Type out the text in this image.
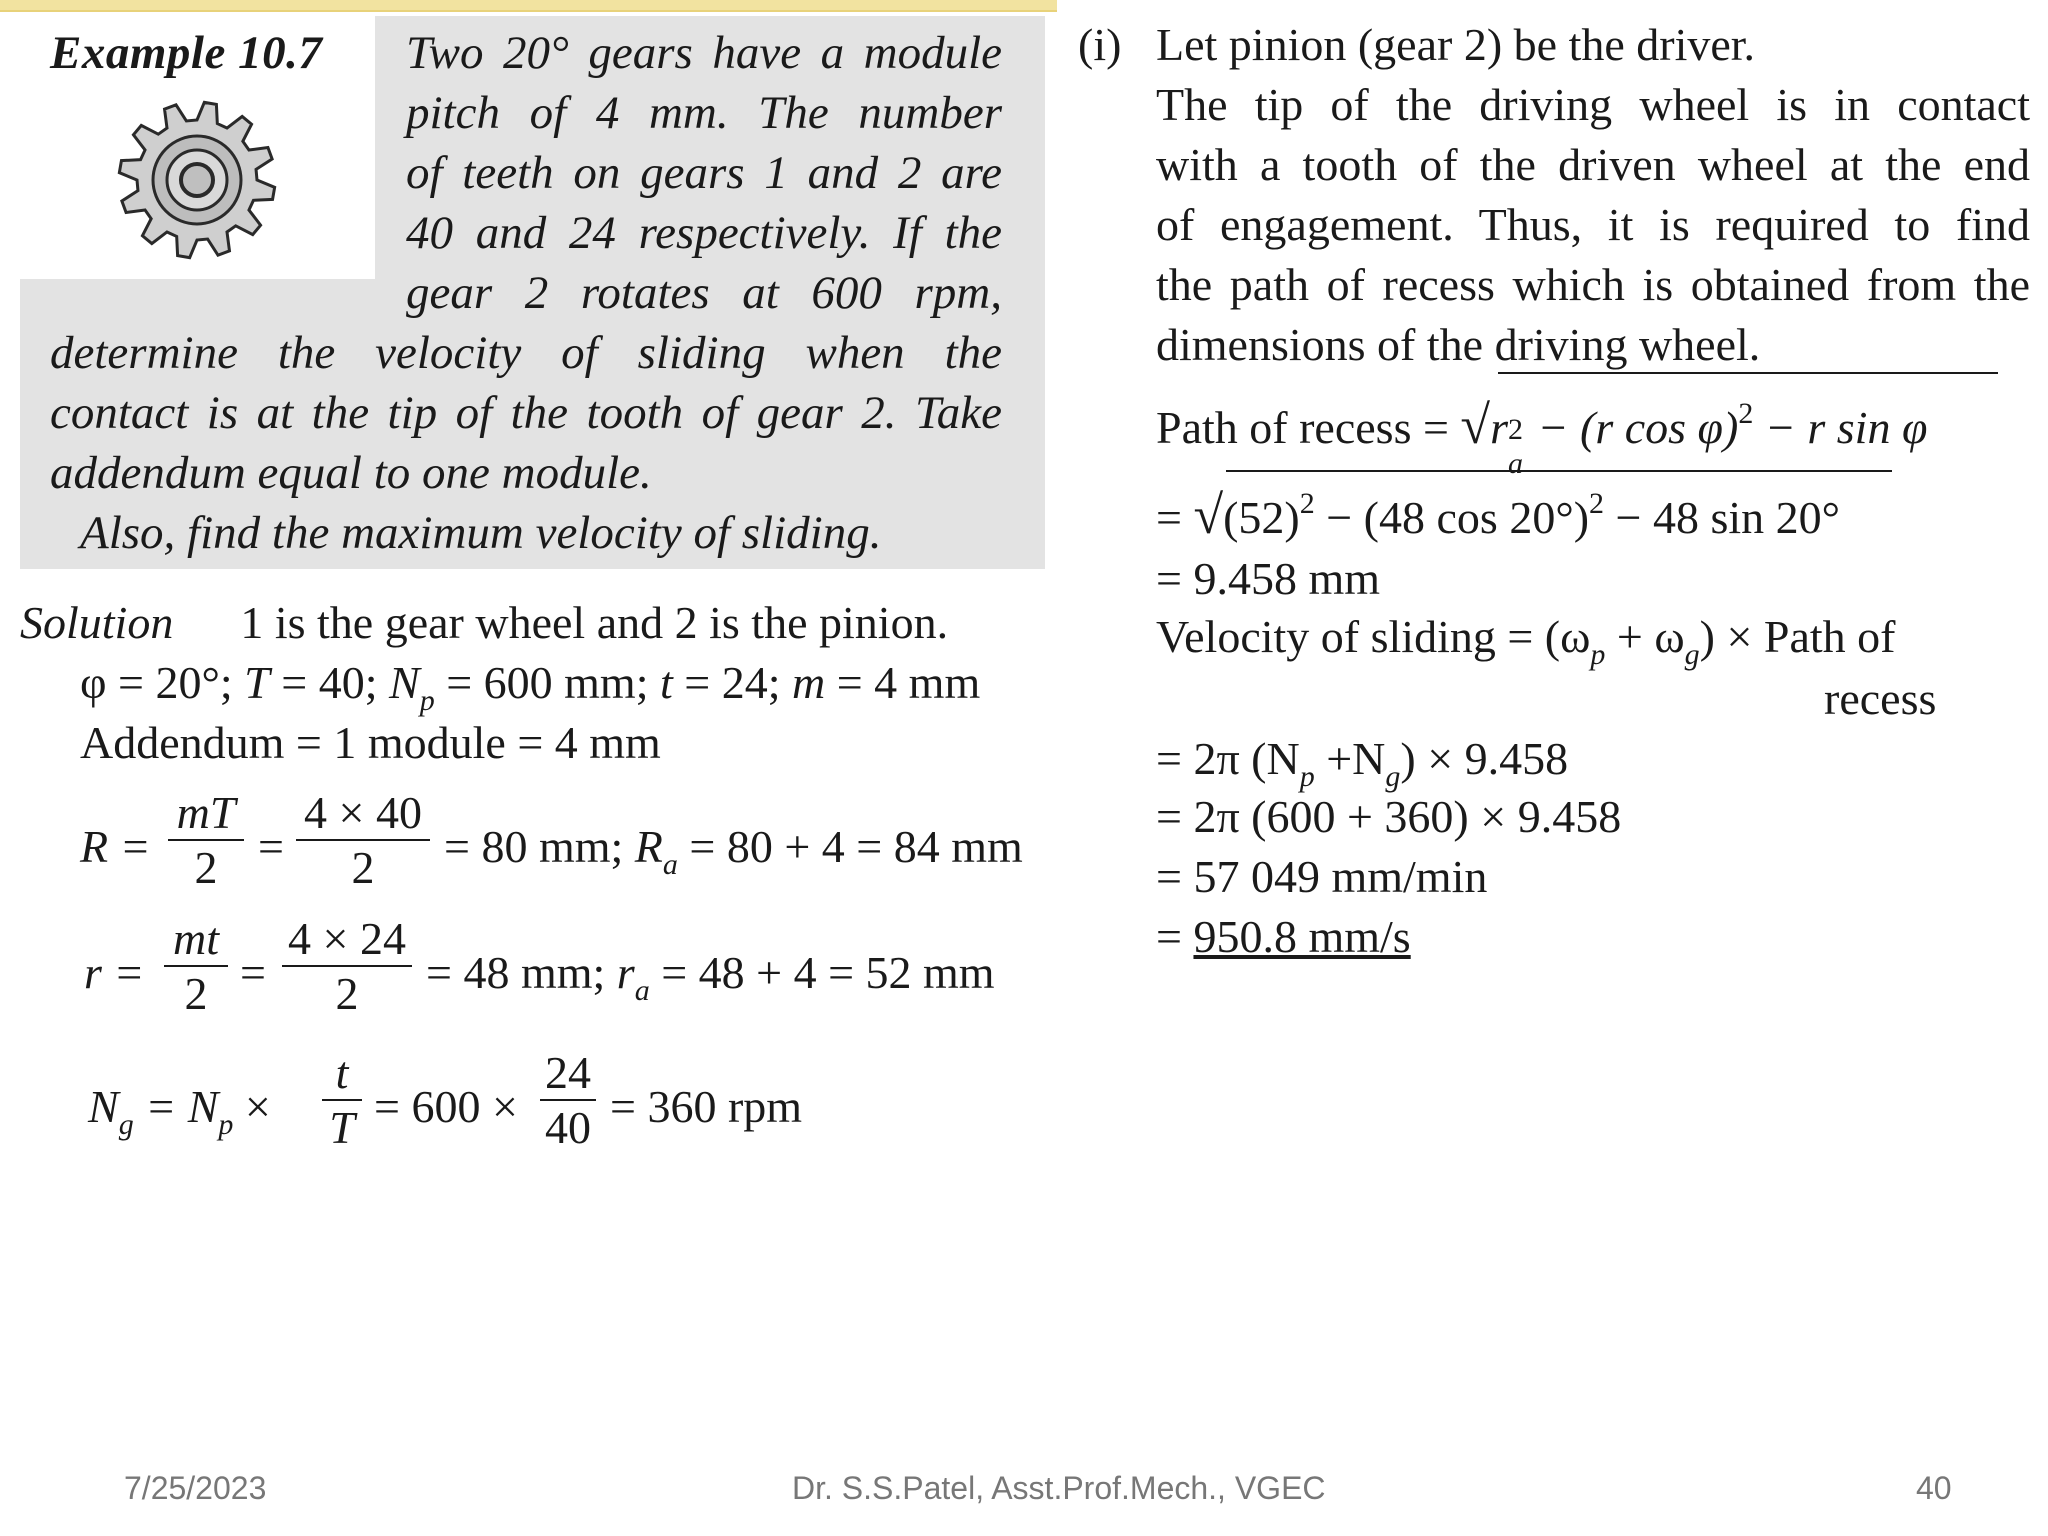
Example 10.7 Two 20° gears have a module
pitch of 4 mm. The number
of teeth on gears 1 and 2 are
40 and 24 respectively. If the
gear 2 rotates at 600 rpm,
determine the velocity of sliding when the
contact is at the tip of the tooth of gear 2. Take
addendum equal to one module.
Also, find the maximum velocity of sliding.
Solution 1 is the gear wheel and 2 is the pinion.
φ = 20°; T = 40; $N_p = 600$ mm; t = 24; m = 4 mm
Addendum = 1 module = 4 mm
$R = \frac{mT}{2} = \frac{4 \times 40}{2} = 80$ mm; $R_a = 80 + 4 = 84$ mm
$r = \frac{mt}{2} = \frac{4 \times 24}{2} = 48$ mm; $r_a = 48 + 4 = 52$ mm
$N_g = N_p \times \frac{t}{T} = 600 \times \frac{24}{40} = 360$ rpm
(i) Let pinion (gear 2) be the driver.
The tip of the driving wheel is in contact
with a tooth of the driven wheel at the end
of engagement. Thus, it is required to find
the path of recess which is obtained from the
dimensions of the driving wheel.
Path of recess = √r 2
a
− (r cos φ)$^2$ − r sin φ
= $√(52)^2 - (48$ cos 20°)$^2$ − 48 sin 20°
= 9.458 mm
Velocity of sliding = $(\omega_p + \omega_g)$ × Path of
recess
= 2π $(N_p +N_g) \times 9.458$
= 2π (600 + 360) × 9.458
= 57 049 mm/min
= 950.8 mm/s
7/25/2023	Dr. S.S.Patel, Asst.Prof.Mech., VGEC	40
